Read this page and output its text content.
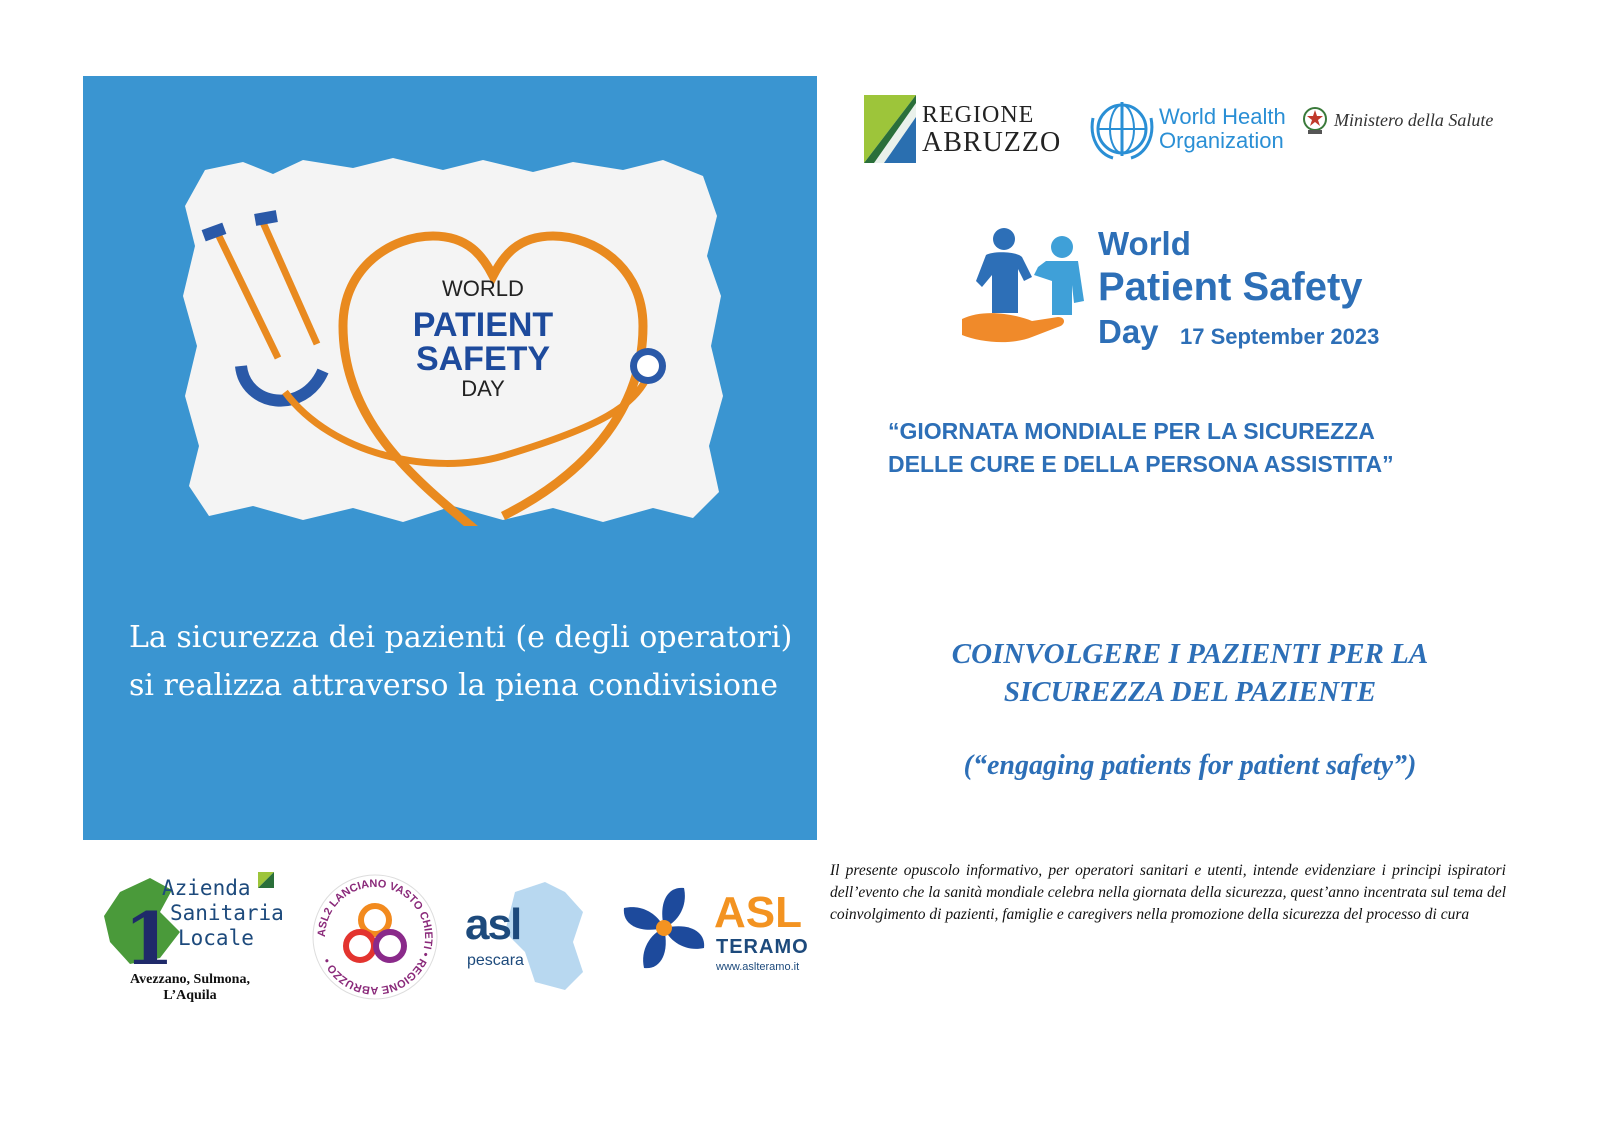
WORLD
PATIENT
SAFETY
DAY
La sicurezza dei pazienti (e degli operatori)
si realizza attraverso la piena condivisione
REGIONE
ABRUZZO
World Health
Organization
Ministero della Salute
World
Patient Safety
Day 17 September 2023
“GIORNATA MONDIALE PER LA SICUREZZA
DELLE CURE E DELLA PERSONA ASSISTITA”
COINVOLGERE I PAZIENTI PER LA
SICUREZZA DEL PAZIENTE
(“engaging patients for patient safety”)
Il presente opuscolo informativo, per operatori sanitari e utenti, intende evidenziare i principi ispiratori dell’evento che la sanità mondiale celebra nella giornata della sicurezza, quest’anno incentrata sul tema del coinvolgimento di pazienti, famiglie e caregivers nella promozione della sicurezza del processo di cura
1
Azienda
Sanitaria
Locale
Avezzano, Sulmona,
L’Aquila
ASL2 LANCIANO VASTO CHIETI • REGIONE ABRUZZO •
asl
pescara
ASL
TERAMO
www.aslteramo.it
